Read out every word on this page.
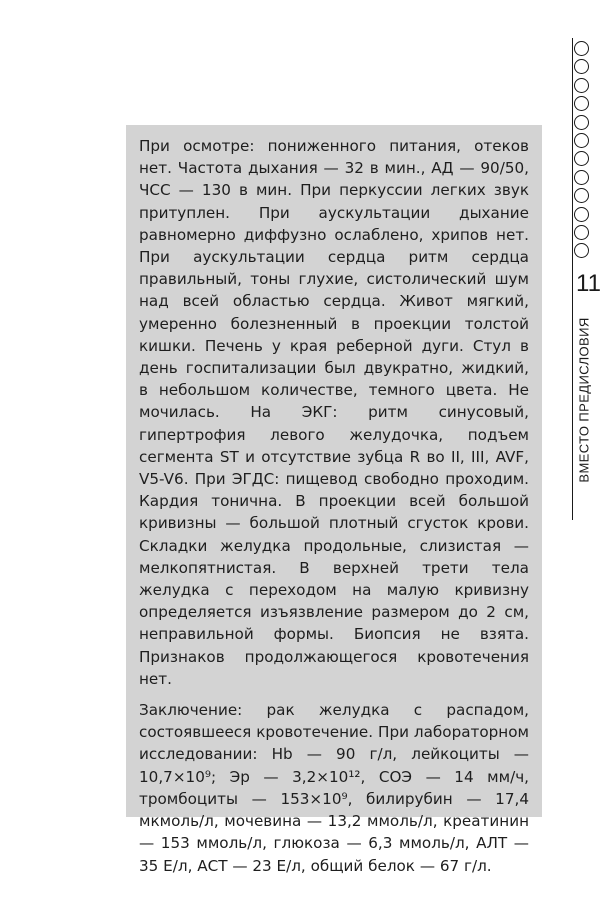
При осмотре: пониженного питания, отеков нет. Частота дыхания — 32 в мин., АД — 90/50, ЧСС — 130 в мин. При перкуссии легких звук притуплен. При аускультации дыхание равномерно диффузно ослаблено, хрипов нет. При аускультации сердца ритм сердца правильный, тоны глухие, систолический шум над всей областью сердца. Живот мягкий, умеренно болезненный в проекции толстой кишки. Печень у края реберной дуги. Стул в день госпитализации был двукратно, жидкий, в небольшом количестве, темного цвета. Не мочилась. На ЭКГ: ритм синусовый, гипертрофия левого желудочка, подъем сегмента ST и отсутствие зубца R во II, III, AVF, V5-V6. При ЭГДС: пищевод свободно проходим. Кардия тонична. В проекции всей большой кривизны — большой плотный сгусток крови. Складки желудка продольные, слизистая — мелкопятнистая. В верхней трети тела желудка с переходом на малую кривизну определяется изъязвление размером до 2 см, неправильной формы. Биопсия не взята. Признаков продолжающегося кровотечения нет.

Заключение: рак желудка с распадом, состоявшееся кровотечение. При лабораторном исследовании: Hb — 90 г/л, лейкоциты — 10,7×10⁹; Эр — 3,2×10¹², СОЭ — 14 мм/ч, тромбоциты — 153×10⁹, билирубин — 17,4 мкмоль/л, мочевина — 13,2 ммоль/л, креатинин — 153 ммоль/л, глюкоза — 6,3 ммоль/л, АЛТ — 35 Е/л, АСТ — 23 Е/л, общий белок — 67 г/л.

11
ВМЕСТО ПРЕДИСЛОВИЯ
